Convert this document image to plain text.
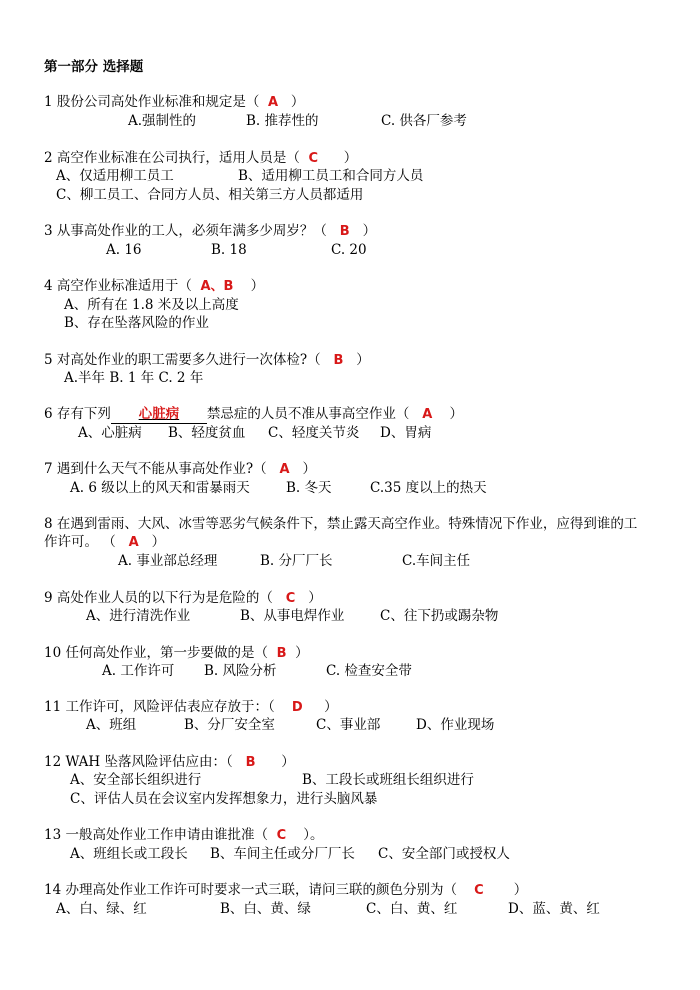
第一部分 选择题
1 股份公司高处作业标准和规定是（ A ）
A.强制性的	B. 推荐性的	C. 供各厂参考
2 高空作业标准在公司执行，适用人员是（ C ）
A、仅适用柳工员工	B、适用柳工员工和合同方人员
C、柳工员工、合同方人员、相关第三方人员都适用
3 从事高处作业的工人，必须年满多少周岁？（ B ）
A. 16	B. 18	C. 20
4 高空作业标准适用于（ A、B ）
A、所有在 1.8 米及以上高度
B、存在坠落风险的作业
5 对高处作业的职工需要多久进行一次体检?（ B ）
A.半年 B. 1 年 C. 2 年
6 存有下列 心脏病 禁忌症的人员不准从事高空作业（ A ）
A、心脏病 B、轻度贫血 C、轻度关节炎 D、胃病
7 遇到什么天气不能从事高处作业?（ A ）
A. 6 级以上的风天和雷暴雨天	B. 冬天	C.35 度以上的热天
8 在遇到雷雨、大风、冰雪等恶劣气候条件下，禁止露天高空作业。特殊情况下作业，应得到谁的工
作许可。 （ A ）
A. 事业部总经理	B. 分厂厂长	C.车间主任
9 高处作业人员的以下行为是危险的（ C ）
A、进行清洗作业	B、从事电焊作业	C、往下扔或踢杂物
10 任何高处作业，第一步要做的是（ B ）
A. 工作许可 B. 风险分析	C. 检查安全带
11 工作许可，风险评估表应存放于：（ D ）
A、班组	B、分厂安全室	C、事业部	D、作业现场
12 WAH 坠落风险评估应由：（ B ）
A、安全部长组织进行	B、工段长或班组长组织进行
C、评估人员在会议室内发挥想象力，进行头脑风暴
13 一般高处作业工作申请由谁批准（ C ）。
A、班组长或工段长 B、车间主任或分厂厂长 C、安全部门或授权人
14 办理高处作业工作许可时要求一式三联，请问三联的颜色分别为（ C ）
A、白、绿、红	B、白、黄、绿	C、白、黄、红	D、蓝、黄、红
